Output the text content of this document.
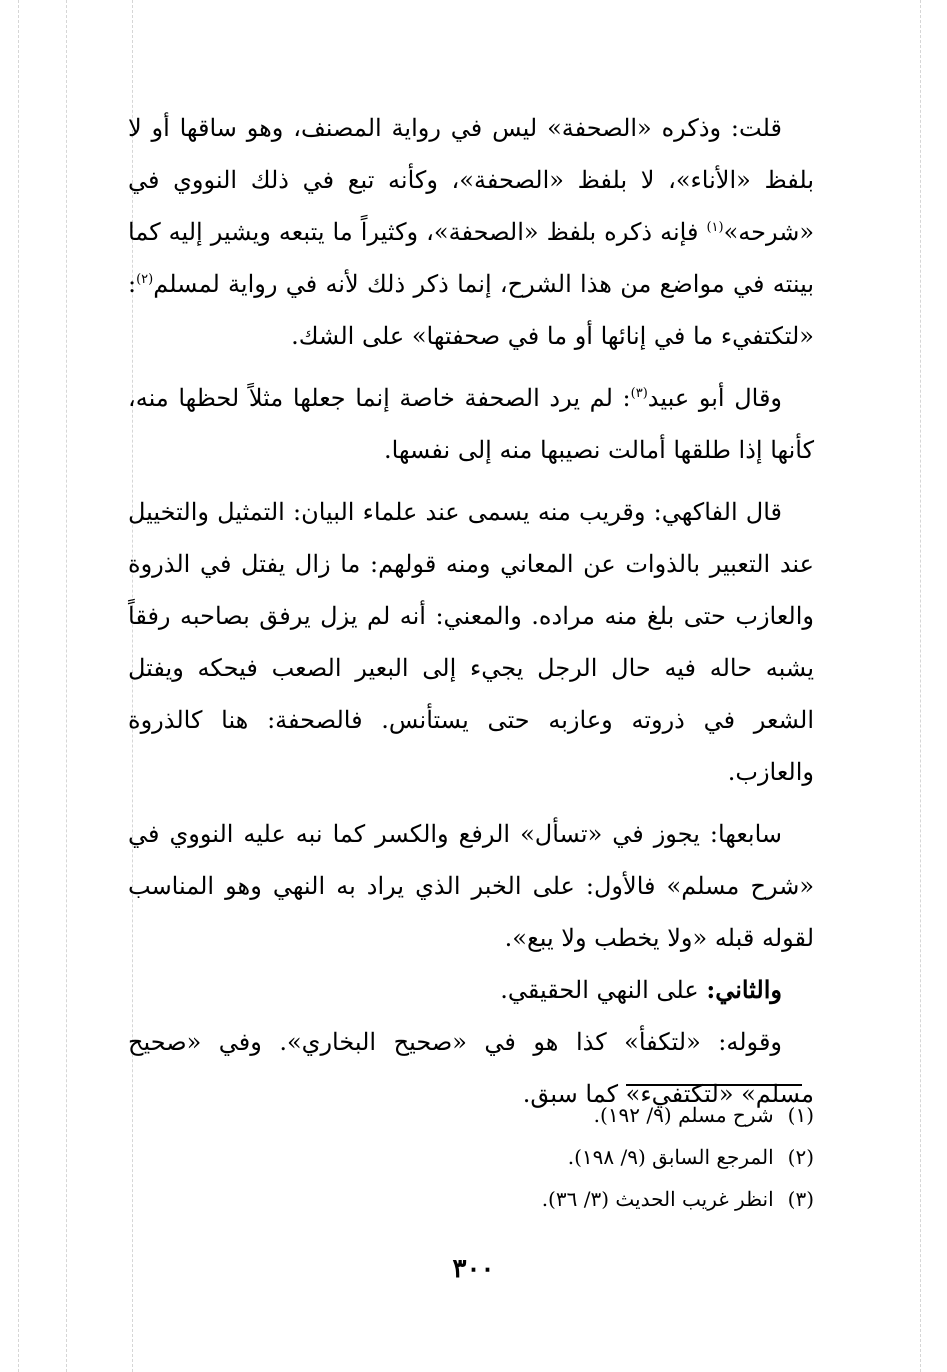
قلت: وذكره «الصحفة» ليس في رواية المصنف، وهو ساقها أو لا بلفظ «الأناء»، لا بلفظ «الصحفة»، وكأنه تبع في ذلك النووي في «شرحه»$^{(١)}$ فإنه ذكره بلفظ «الصحفة»، وكثيراً ما يتبعه ويشير إليه كما بينته في مواضع من هذا الشرح، إنما ذكر ذلك لأنه في رواية لمسلم$^{(٢)}$: «لتكتفيء ما في إنائها أو ما في صحفتها» على الشك.

وقال أبو عبيد$^{(٣)}$: لم يرد الصحفة خاصة إنما جعلها مثلاً لحظها منه، كأنها إذا طلقها أمالت نصيبها منه إلى نفسها.

قال الفاكهي: وقريب منه يسمى عند علماء البيان: التمثيل والتخييل عند التعبير بالذوات عن المعاني ومنه قولهم: ما زال يفتل في الذروة والعازب حتى بلغ منه مراده. والمعني: أنه لم يزل يرفق بصاحبه رفقاً يشبه حاله فيه حال الرجل يجيء إلى البعير الصعب فيحكه ويفتل الشعر في ذروته وعازبه حتى يستأنس. فالصحفة: هنا كالذروة والعازب.

سابعها: يجوز في «تسأل» الرفع والكسر كما نبه عليه النووي في «شرح مسلم» فالأول: على الخبر الذي يراد به النهي وهو المناسب لقوله قبله «ولا يخطب ولا يبع».

والثاني: على النهي الحقيقي.

وقوله: «لتكفأ» كذا هو في «صحيح البخاري». وفي «صحيح مسلم» «لتكتفيء» كما سبق.

(١)شرح مسلم (٩/ ١٩٢).

(٢)المرجع السابق (٩/ ١٩٨).

(٣)انظر غريب الحديث (٣/ ٣٦).

٣٠٠
